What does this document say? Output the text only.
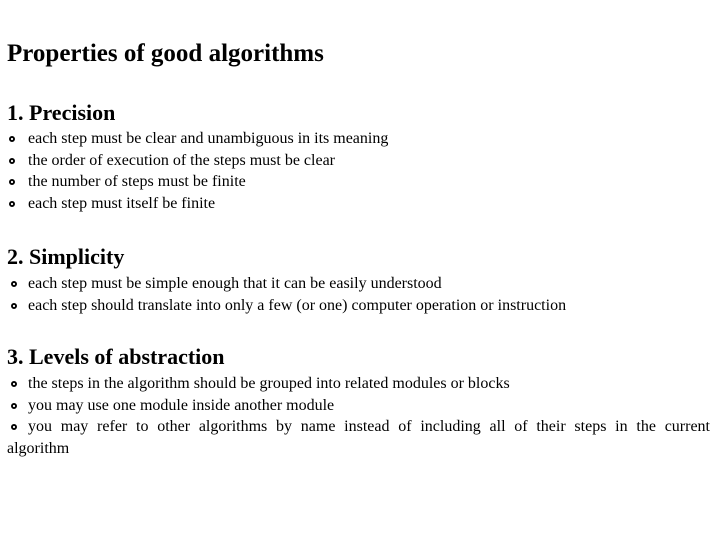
Properties of good algorithms
1. Precision
each step must be clear and unambiguous in its meaning
the order of execution of the steps must be clear
the number of steps must be finite
each step must itself be finite
2. Simplicity
each step must be simple enough that it can be easily understood
each step should translate into only a few (or one) computer operation or instruction
3. Levels of abstraction
the steps in the algorithm should be grouped into related modules or blocks
you may use one module inside another module
you may refer to other algorithms by name instead of including all of their steps in the current
algorithm
